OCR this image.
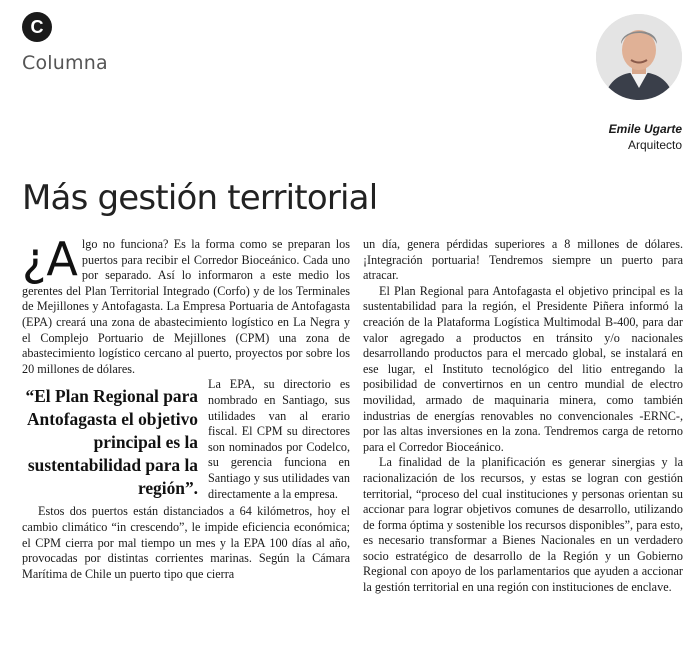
C
Columna
Emile Ugarte
Arquitecto
Más gestión territorial

¿A lgo no funciona? Es la forma como se preparan los puertos para recibir el Corredor Bioceánico. Cada uno por separado. Así lo informaron a este medio los gerentes del Plan Territorial Integrado (Corfo) y de los Terminales de Mejillones y Antofagasta. La Empresa Portuaria de Antofagasta (EPA) creará una zona de abastecimiento logístico en La Negra y el Complejo Portuario de Mejillones (CPM) una zona de abastecimiento logístico cercano al puerto, proyectos por sobre los 20 millones de dólares.

“El Plan Regional para Antofagasta el objetivo principal es la sustentabilidad para la región”.

La EPA, su directorio es nombrado en Santiago, sus utilidades van al erario fiscal. El CPM su directores son nominados por Codelco, su gerencia funciona en Santiago y sus utilidades van directamente a la empresa.

Estos dos puertos están distanciados a 64 kilómetros, hoy el cambio climático “in crescendo”, le impide eficiencia económica; el CPM cierra por mal tiempo un mes y la EPA 100 días al año, provocadas por distintas corrientes marinas. Según la Cámara Marítima de Chile un puerto tipo que cierra

un día, genera pérdidas superiores a 8 millones de dólares. ¡Integración portuaria! Tendremos siempre un puerto para atracar.

El Plan Regional para Antofagasta el objetivo principal es la sustentabilidad para la región, el Presidente Piñera informó la creación de la Plataforma Logística Multimodal B-400, para dar valor agregado a productos en tránsito y/o nacionales desarrollando productos para el mercado global, se instalará en ese lugar, el Instituto tecnológico del litio entregando la posibilidad de convertirnos en un centro mundial de electro movilidad, armado de maquinaria minera, como también industrias de energías renovables no convencionales -ERNC-, por las altas inversiones en la zona. Tendremos carga de retorno para el Corredor Bioceánico.

La finalidad de la planificación es generar sinergias y la racionalización de los recursos, y estas se logran con gestión territorial, “proceso del cual instituciones y personas orientan su accionar para lograr objetivos comunes de desarrollo, utilizando de forma óptima y sostenible los recursos disponibles”, para esto, es necesario transformar a Bienes Nacionales en un verdadero socio estratégico de desarrollo de la Región y un Gobierno Regional con apoyo de los parlamentarios que ayuden a accionar la gestión territorial en una región con instituciones de enclave.
